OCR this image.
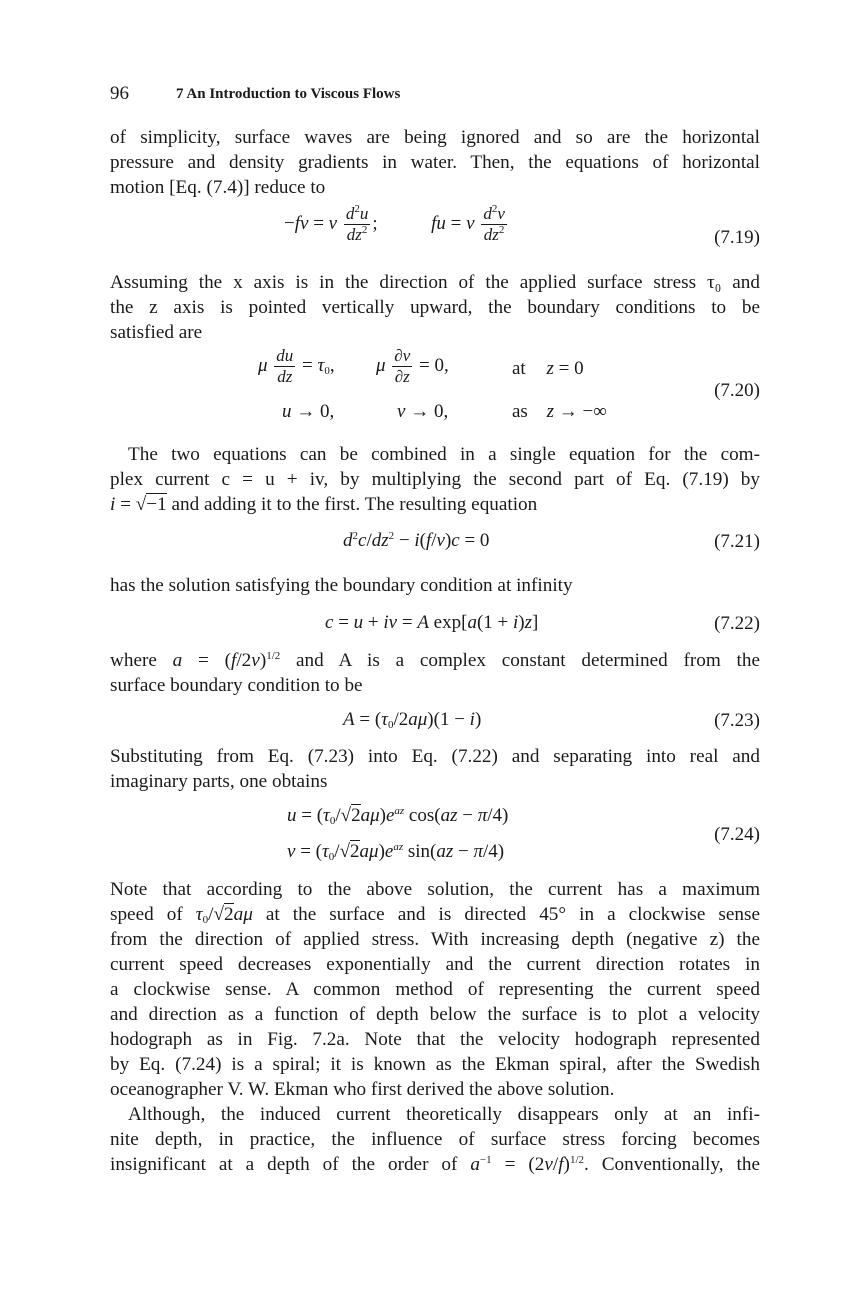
96	7 An Introduction to Viscous Flows
of simplicity, surface waves are being ignored and so are the horizontal
pressure and density gradients in water. Then, the equations of horizontal
motion [Eq. (7.4)] reduce to
−fv = ν $\frac{d^2u}{dz^2}$ ;	fu = ν $\frac{d^2v}{dz^2}$	(7.19)
Assuming the x axis is in the direction of the applied surface stress τ₀ and
the z axis is pointed vertically upward, the boundary conditions to be
satisfied are
μ $\frac{du}{dz} = \tau_0$, μ $\frac{\partial v}{\partial z} = 0$,	at z = 0
u → 0,	v → 0,	as z → −∞
(7.20)
The two equations can be combined in a single equation for the com-
plex current c = u + iv, by multiplying the second part of Eq. (7.19) by
i = √−1 and adding it to the first. The resulting equation
$d^2c/dz^2 - i(f/\nu)c = 0$	(7.21)
has the solution satisfying the boundary condition at infinity
c = u + iv = A exp[a(1 + i)z]	(7.22)
where $a = (f/2\nu)^{1/2}$ and A is a complex constant determined from the
surface boundary condition to be
$A = (\tau_0/2a\mu)(1 - i)$	(7.23)
Substituting from Eq. (7.23) into Eq. (7.22) and separating into real and
imaginary parts, one obtains
$u = (\tau_0/√2a\mu)e^{az}$ cos(az − π/4)
$v = (\tau_0/√2a\mu)e^{az}$ sin(az − π/4)
(7.24)
Note that according to the above solution, the current has a maximum
speed of $\tau_0/√2a\mu$ at the surface and is directed 45° in a clockwise sense
from the direction of applied stress. With increasing depth (negative z) the
current speed decreases exponentially and the current direction rotates in
a clockwise sense. A common method of representing the current speed
and direction as a function of depth below the surface is to plot a velocity
hodograph as in Fig. 7.2a. Note that the velocity hodograph represented
by Eq. (7.24) is a spiral; it is known as the Ekman spiral, after the Swedish
oceanographer V. W. Ekman who first derived the above solution.
Although, the induced current theoretically disappears only at an infi-
nite depth, in practice, the influence of surface stress forcing becomes
insignificant at a depth of the order of $a^{-1} = (2\nu/f)^{1/2}$. Conventionally, the
